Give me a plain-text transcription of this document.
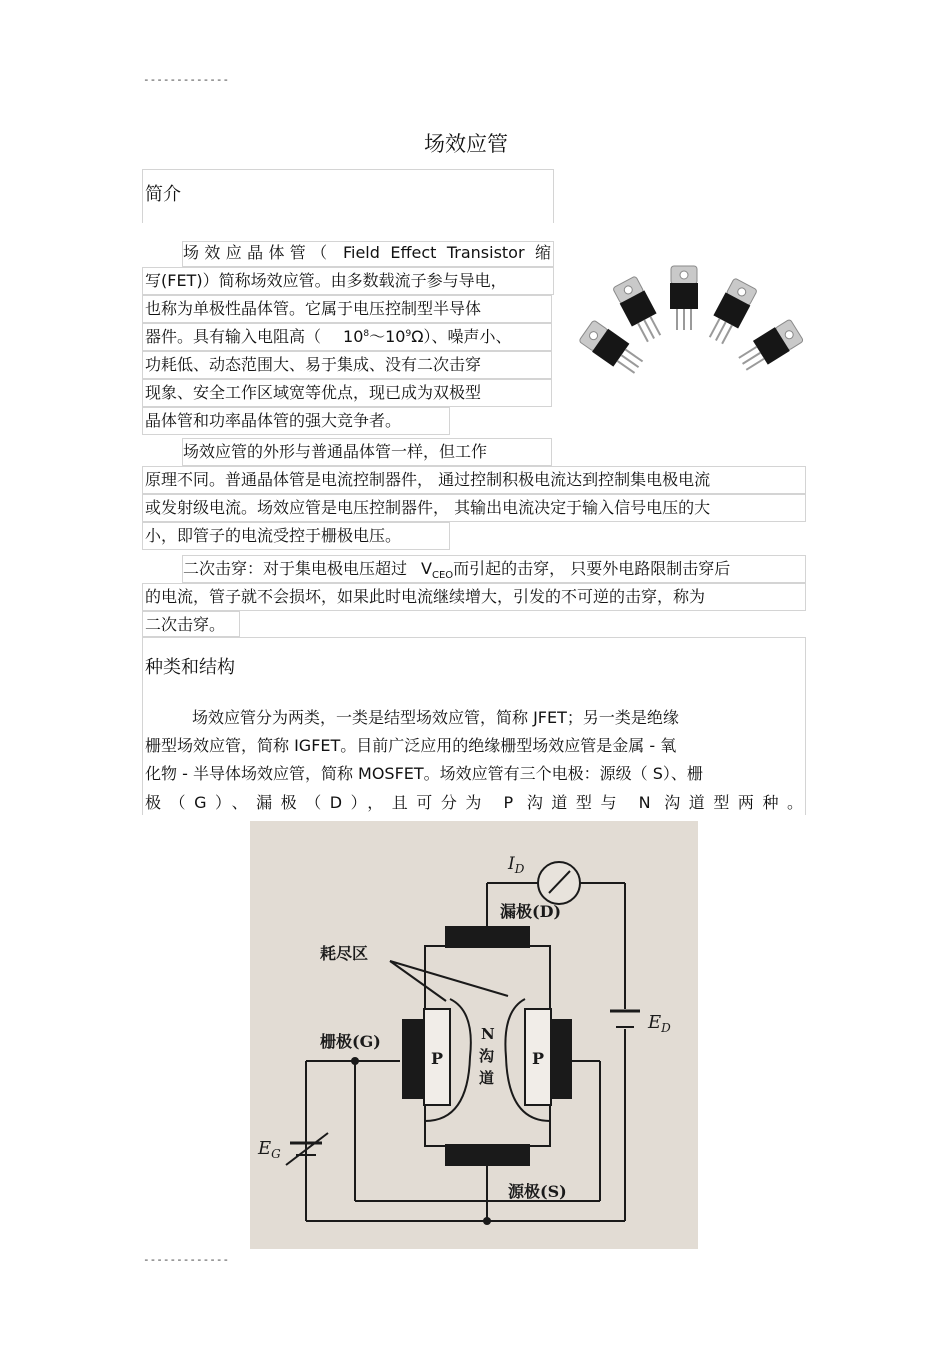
-------------
场效应管
简介
场效应晶体管（ Field Effect Transistor 缩
写(FET)）简称场效应管。由多数载流子参与导电，
也称为单极性晶体管。它属于电压控制型半导体
器件。具有输入电阻高（ $10^8\sim 10^9\Omega$）、噪声小、
功耗低、动态范围大、易于集成、没有二次击穿
现象、安全工作区域宽等优点，现已成为双极型
晶体管和功率晶体管的强大竞争者。
场效应管的外形与普通晶体管一样，但工作
原理不同。普通晶体管是电流控制器件， 通过控制积极电流达到控制集电极电流
或发射级电流。场效应管是电压控制器件， 其输出电流决定于输入信号电压的大
小，即管子的电流受控于栅极电压。
二次击穿：对于集电极电压超过 $V_{CEO}$而引起的击穿， 只要外电路限制击穿后
的电流，管子就不会损坏，如果此时电流继续增大，引发的不可逆的击穿，称为
二次击穿。
种类和结构
场效应管分为两类，一类是结型场效应管，简称 JFET；另一类是绝缘
栅型场效应管，简称 IGFET。目前广泛应用的绝缘栅型场效应管是金属 - 氧
化物 - 半导体场效应管，简称 MOSFET。场效应管有三个电极：源级（ S）、栅
极（G）、漏极（D），且可分为 P 沟道型与 N 沟道型两种。
$I_D$
漏极(D)
耗尽区
栅极(G)
P	P
N
沟
道
$E_D$
$E_G$
源极(S)
-------------
